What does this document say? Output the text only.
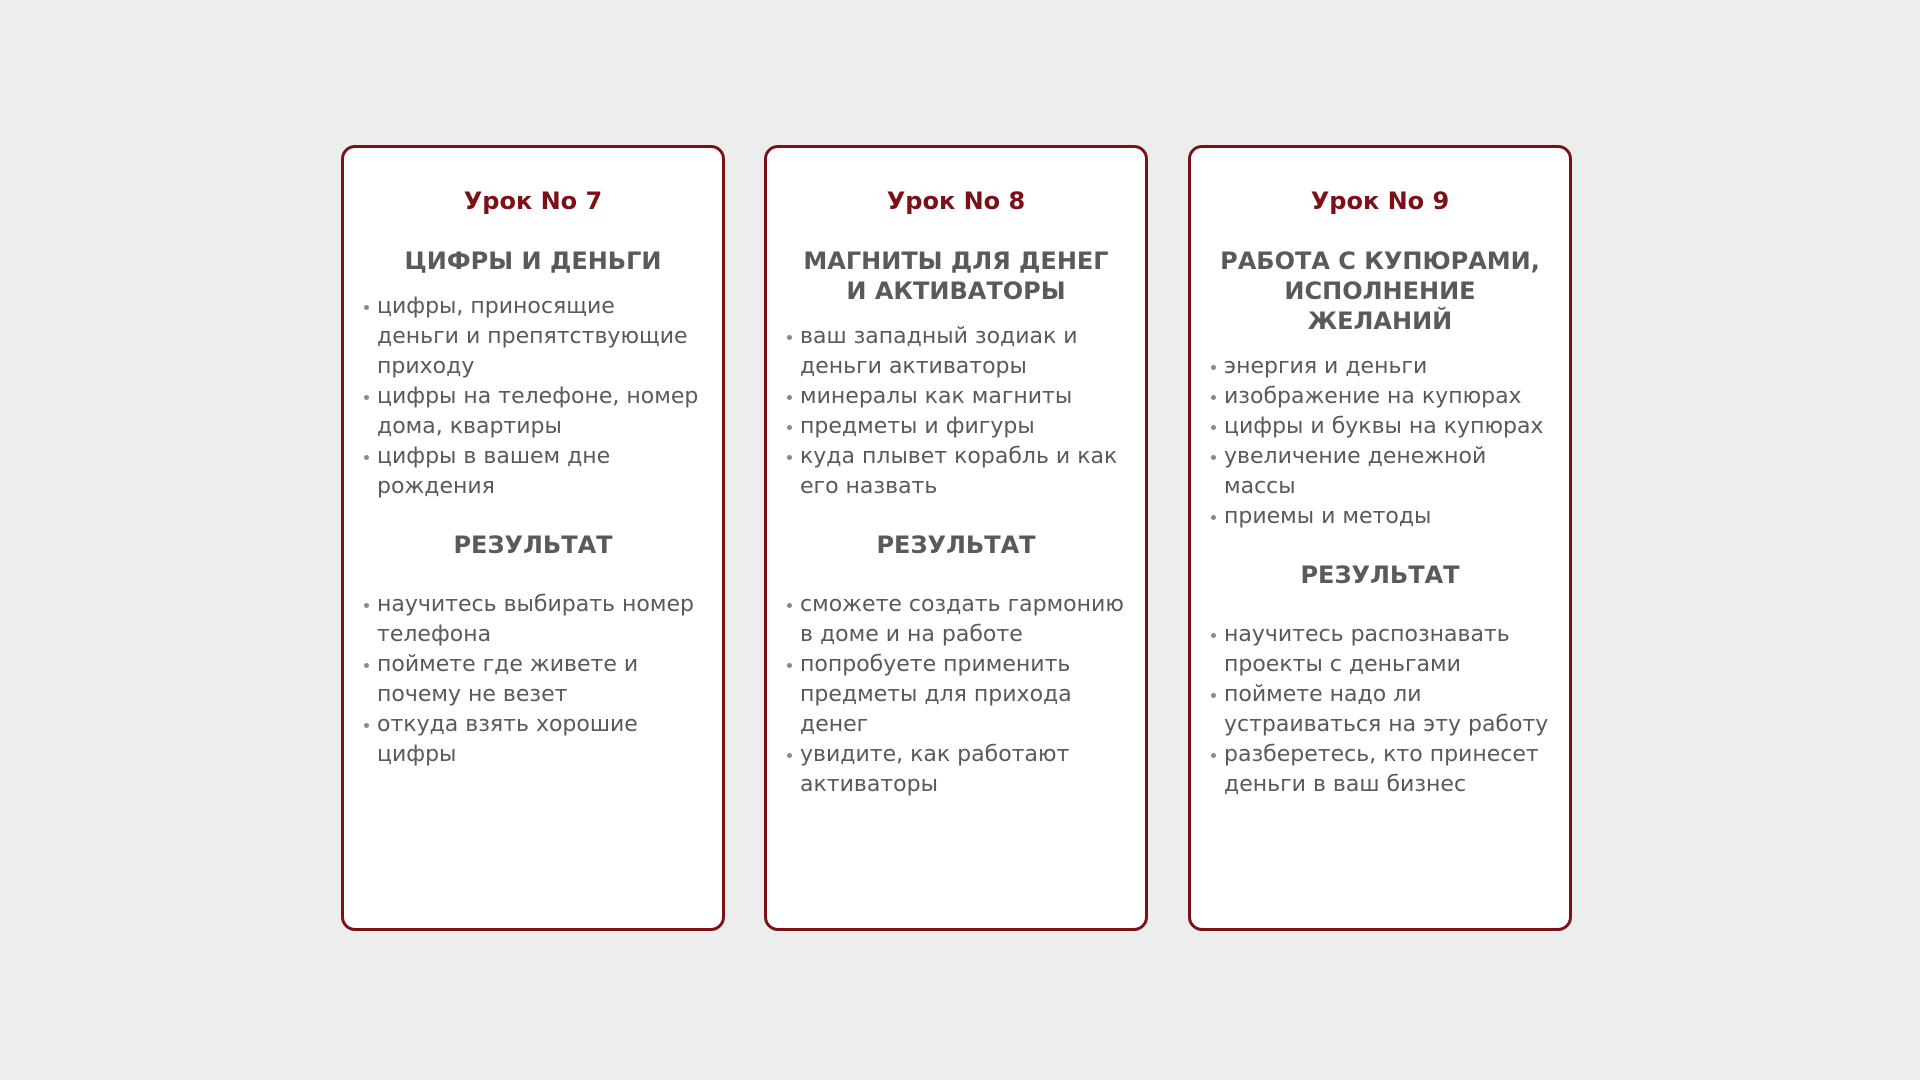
Урок No 7
ЦИФРЫ И ДЕНЬГИ
цифры, приносящие деньги и препятствующие приходу
цифры на телефоне, номер дома, квартиры
цифры в вашем дне рождения
РЕЗУЛЬТАТ
научитесь выбирать номер телефона
поймете где живете и почему не везет
откуда взять хорошие цифры
Урок No 8
МАГНИТЫ ДЛЯ ДЕНЕГ И АКТИВАТОРЫ
ваш западный зодиак и деньги активаторы
минералы как магниты
предметы и фигуры
куда плывет корабль и как его назвать
РЕЗУЛЬТАТ
сможете создать гармонию в доме и на работе
попробуете применить предметы для прихода денег
увидите, как работают активаторы
Урок No 9
РАБОТА С КУПЮРАМИ, ИСПОЛНЕНИЕ ЖЕЛАНИЙ
энергия и деньги
изображение на купюрах
цифры и буквы на купюрах
увеличение денежной массы
приемы и методы
РЕЗУЛЬТАТ
научитесь распознавать проекты с деньгами
поймете надо ли устраиваться на эту работу
разберетесь, кто принесет деньги в ваш бизнес
